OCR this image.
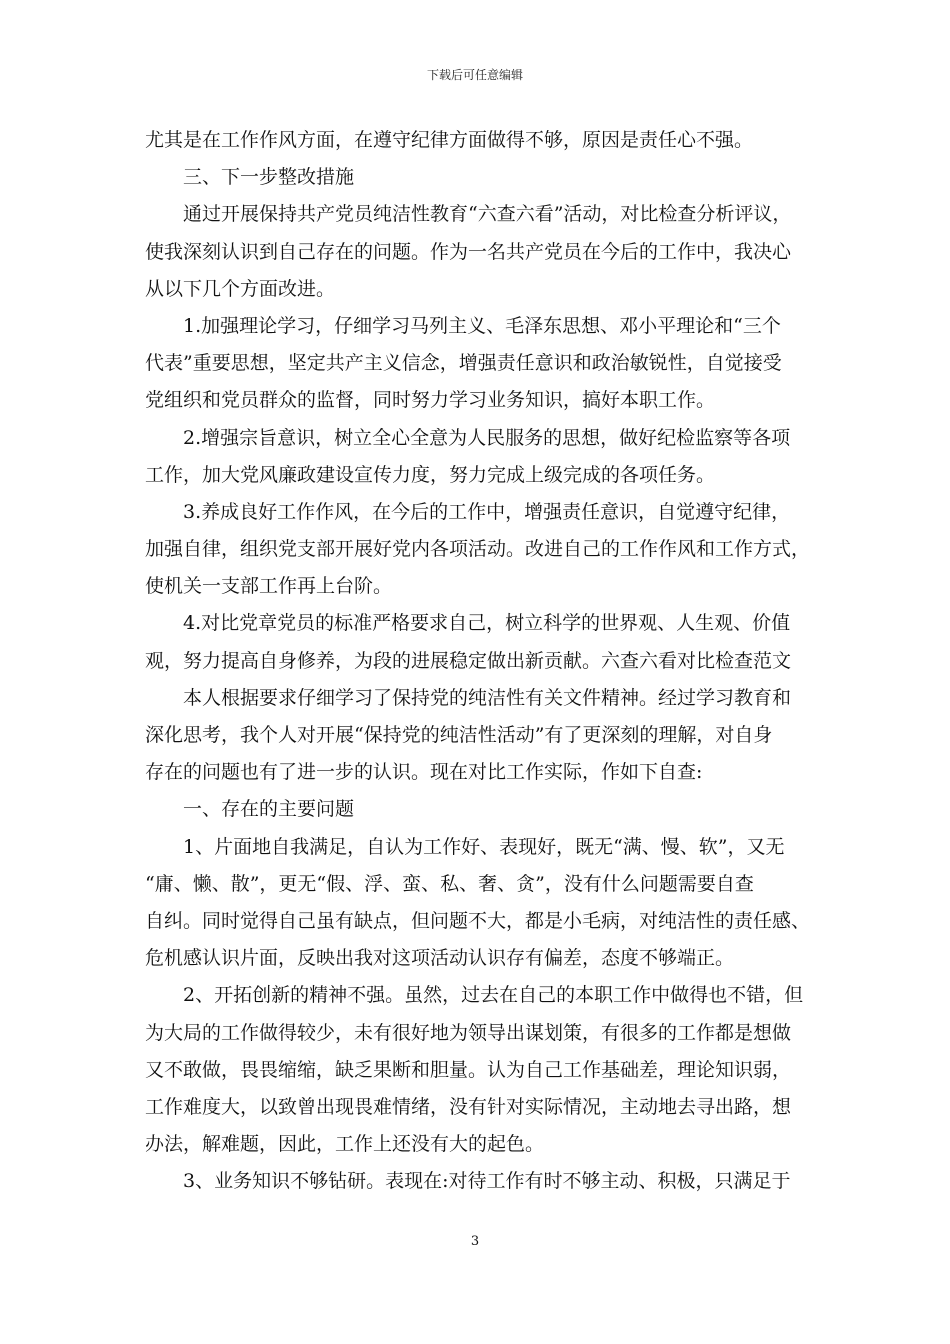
下载后可任意编辑
尤其是在工作作风方面，在遵守纪律方面做得不够，原因是责任心不强。
三、下一步整改措施
通过开展保持共产党员纯洁性教育“六查六看”活动，对比检查分析评议，
使我深刻认识到自己存在的问题。作为一名共产党员在今后的工作中，我决心
从以下几个方面改进。
1.加强理论学习，仔细学习马列主义、毛泽东思想、邓小平理论和“三个
代表”重要思想，坚定共产主义信念，增强责任意识和政治敏锐性，自觉接受
党组织和党员群众的监督，同时努力学习业务知识，搞好本职工作。
2.增强宗旨意识，树立全心全意为人民服务的思想，做好纪检监察等各项
工作，加大党风廉政建设宣传力度，努力完成上级完成的各项任务。
3.养成良好工作作风，在今后的工作中，增强责任意识，自觉遵守纪律，
加强自律，组织党支部开展好党内各项活动。改进自己的工作作风和工作方式，
使机关一支部工作再上台阶。
4.对比党章党员的标准严格要求自己，树立科学的世界观、人生观、价值
观，努力提高自身修养，为段的进展稳定做出新贡献。六查六看对比检查范文
本人根据要求仔细学习了保持党的纯洁性有关文件精神。经过学习教育和
深化思考，我个人对开展“保持党的纯洁性活动”有了更深刻的理解，对自身
存在的问题也有了进一步的认识。现在对比工作实际，作如下自查:
一、存在的主要问题
1、片面地自我满足，自认为工作好、表现好，既无“满、慢、软”，又无
“庸、懒、散”，更无“假、浮、蛮、私、奢、贪”，没有什么问题需要自查
自纠。同时觉得自己虽有缺点，但问题不大，都是小毛病，对纯洁性的责任感、
危机感认识片面，反映出我对这项活动认识存有偏差，态度不够端正。
2、开拓创新的精神不强。虽然，过去在自己的本职工作中做得也不错，但
为大局的工作做得较少，未有很好地为领导出谋划策，有很多的工作都是想做
又不敢做，畏畏缩缩，缺乏果断和胆量。认为自己工作基础差，理论知识弱，
工作难度大，以致曾出现畏难情绪，没有针对实际情况，主动地去寻出路，想
办法，解难题，因此，工作上还没有大的起色。
3、业务知识不够钻研。表现在:对待工作有时不够主动、积极，只满足于
3
